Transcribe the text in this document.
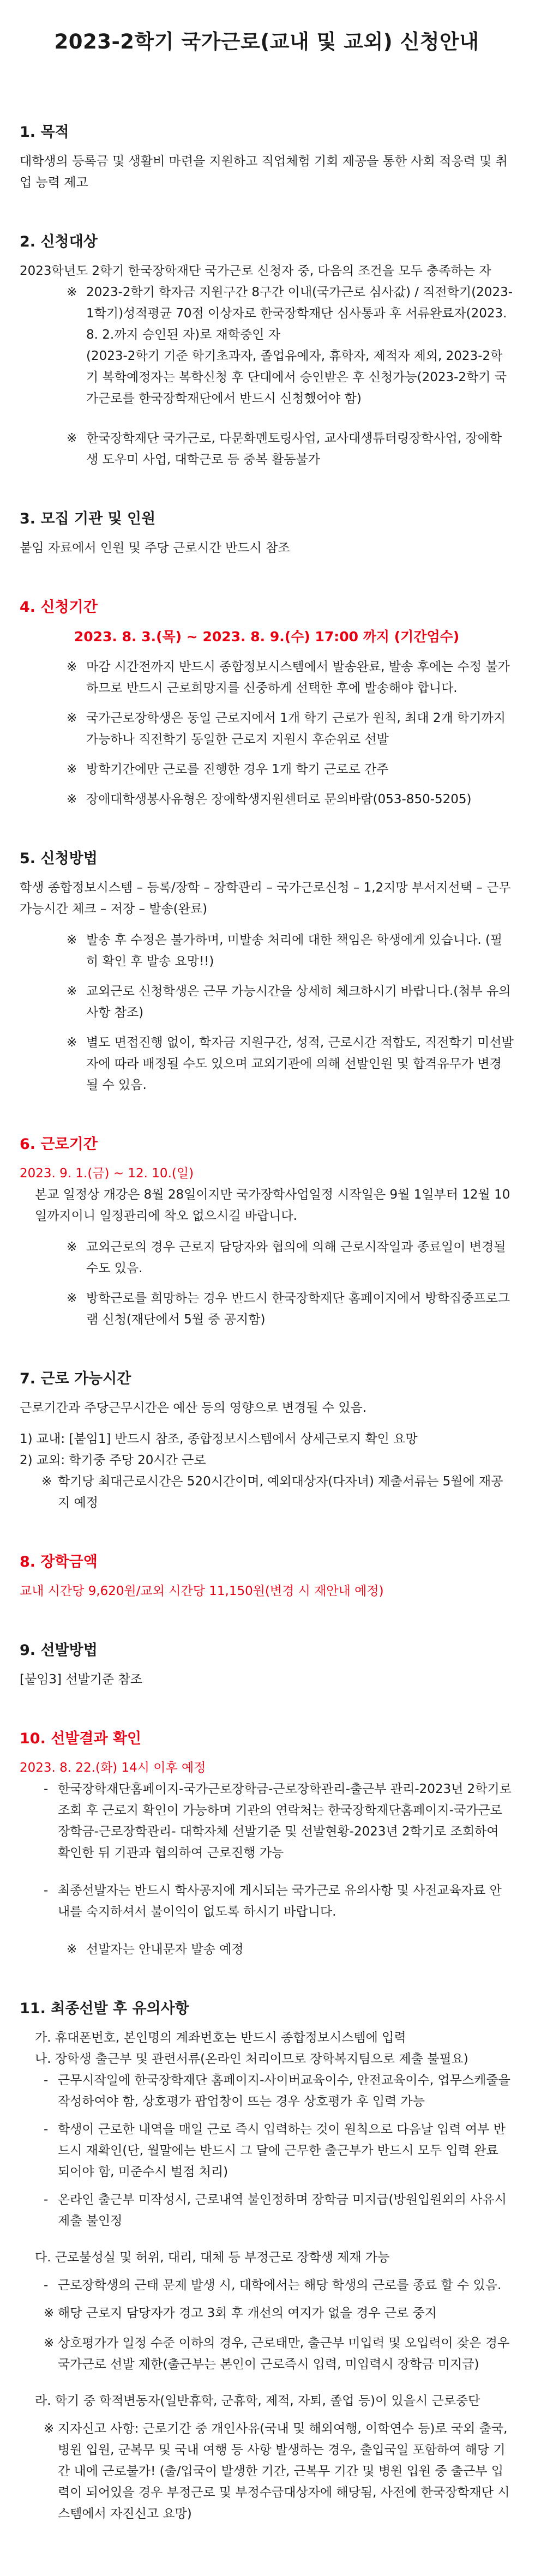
2023-2학기 국가근로(교내 및 교외) 신청안내
1. 목적

대학생의 등록금 및 생활비 마련을 지원하고 직업체험 기회 제공을 통한 사회 적응력 및 취업 능력 제고

2. 신청대상

2023학년도 2학기 한국장학재단 국가근로 신청자 중, 다음의 조건을 모두 충족하는 자

※ 2023-2학기 학자금 지원구간 8구간 이내(국가근로 심사값) / 직전학기(2023-1학기)성적평균 70점 이상자로 한국장학재단 심사통과 후 서류완료자(2023. 8. 2.까지 승인된 자)로 재학중인 자
(2023-2학기 기준 학기초과자, 졸업유예자, 휴학자, 제적자 제외, 2023-2학기 복학예정자는 복학신청 후 단대에서 승인받은 후 신청가능(2023-2학기 국가근로를 한국장학재단에서 반드시 신청했어야 함)
※ 한국장학재단 국가근로, 다문화멘토링사업, 교사대생튜터링장학사업, 장애학생 도우미 사업, 대학근로 등 중복 활동불가
3. 모집 기관 및 인원

붙임 자료에서 인원 및 주당 근로시간 반드시 참조

4. 신청기간
2023. 8. 3.(목) ~ 2023. 8. 9.(수) 17:00 까지 (기간엄수)
※ 마감 시간전까지 반드시 종합정보시스템에서 발송완료, 발송 후에는 수정 불가하므로 반드시 근로희망지를 신중하게 선택한 후에 발송해야 합니다.
※ 국가근로장학생은 동일 근로지에서 1개 학기 근로가 원칙, 최대 2개 학기까지 가능하나 직전학기 동일한 근로지 지원시 후순위로 선발
※ 방학기간에만 근로를 진행한 경우 1개 학기 근로로 간주
※ 장애대학생봉사유형은 장애학생지원센터로 문의바람(053-850-5205)
5. 신청방법

학생 종합정보시스템 – 등록/장학 – 장학관리 – 국가근로신청 – 1,2지망 부서지선택 – 근무 가능시간 체크 – 저장 – 발송(완료)

※ 발송 후 수정은 불가하며, 미발송 처리에 대한 책임은 학생에게 있습니다. (필히 확인 후 발송 요망!!)
※ 교외근로 신청학생은 근무 가능시간을 상세히 체크하시기 바랍니다.(첨부 유의사항 참조)
※ 별도 면접진행 없이, 학자금 지원구간, 성적, 근로시간 적합도, 직전학기 미선발자에 따라 배정될 수도 있으며 교외기관에 의해 선발인원 및 합격유무가 변경될 수 있음.
6. 근로기간
2023. 9. 1.(금) ~ 12. 10.(일)

본교 일정상 개강은 8월 28일이지만 국가장학사업일정 시작일은 9월 1일부터 12월 10일까지이니 일정관리에 착오 없으시길 바랍니다.

※ 교외근로의 경우 근로지 담당자와 협의에 의해 근로시작일과 종료일이 변경될 수도 있음.
※ 방학근로를 희망하는 경우 반드시 한국장학재단 홈페이지에서 방학집중프로그램 신청(재단에서 5월 중 공지함)
7. 근로 가능시간

근로기간과 주당근무시간은 예산 등의 영향으로 변경될 수 있음.

1) 교내: [붙임1] 반드시 참조, 종합정보시스템에서 상세근로지 확인 요망

2) 교외: 학기중 주당 20시간 근로

※ 학기당 최대근로시간은 520시간이며, 예외대상자(다자녀) 제출서류는 5월에 재공지 예정
8. 장학금액

교내 시간당 9,620원/교외 시간당 11,150원(변경 시 재안내 예정)

9. 선발방법

[붙임3] 선발기준 참조

10. 선발결과 확인
2023. 8. 22.(화) 14시 이후 예정
- 한국장학재단홈페이지-국가근로장학금-근로장학관리-출근부 관리-2023년 2학기로 조회 후 근로지 확인이 가능하며 기관의 연락처는 한국장학재단홈페이지-국가근로장학금-근로장학관리- 대학자체 선발기준 및 선발현황-2023년 2학기로 조회하여 확인한 뒤 기관과 협의하여 근로진행 가능
- 최종선발자는 반드시 학사공지에 게시되는 국가근로 유의사항 및 사전교육자료 안내를 숙지하셔서 불이익이 없도록 하시기 바랍니다.
※ 선발자는 안내문자 발송 예정
11. 최종선발 후 유의사항

가. 휴대폰번호, 본인명의 계좌번호는 반드시 종합정보시스템에 입력

나. 장학생 출근부 및 관련서류(온라인 처리이므로 장학복지팀으로 제출 불필요)

- 근무시작일에 한국장학재단 홈페이지-사이버교육이수, 안전교육이수, 업무스케줄을 작성하여야 함, 상호평가 팝업창이 뜨는 경우 상호평가 후 입력 가능
- 학생이 근로한 내역을 매일 근로 즉시 입력하는 것이 원칙으로 다음날 입력 여부 반드시 재확인(단, 월말에는 반드시 그 달에 근무한 출근부가 반드시 모두 입력 완료 되어야 함, 미준수시 벌점 처리)
- 온라인 출근부 미작성시, 근로내역 불인정하며 장학금 미지급(방원입원외의 사유시제출 불인정
다. 근로불성실 및 허위, 대리, 대체 등 부정근로 장학생 제재 가능
- 근로장학생의 근태 문제 발생 시, 대학에서는 해당 학생의 근로를 종료 할 수 있음.
※ 해당 근로지 담당자가 경고 3회 후 개선의 여지가 없을 경우 근로 중지
※ 상호평가가 일정 수준 이하의 경우, 근로태만, 출근부 미입력 및 오입력이 잦은 경우 국가근로 선발 제한(출근부는 본인이 근로즉시 입력, 미입력시 장학금 미지급)
라. 학기 중 학적변동자(일반휴학, 군휴학, 제적, 자퇴, 졸업 등)이 있을시 근로중단
※ 지자신고 사항: 근로기간 중 개인사유(국내 및 해외여행, 이학연수 등)로 국외 출국, 병원 입원, 군복무 및 국내 여행 등 사항 발생하는 경우, 출입국일 포함하여 해당 기간 내에 근로불가! (출/입국이 발생한 기간, 근복무 기간 및 병원 입원 중 출근부 입력이 되어있을 경우 부정근로 및 부정수급대상자에 해당됨, 사전에 한국장학재단 시스템에서 자진신고 요망)
